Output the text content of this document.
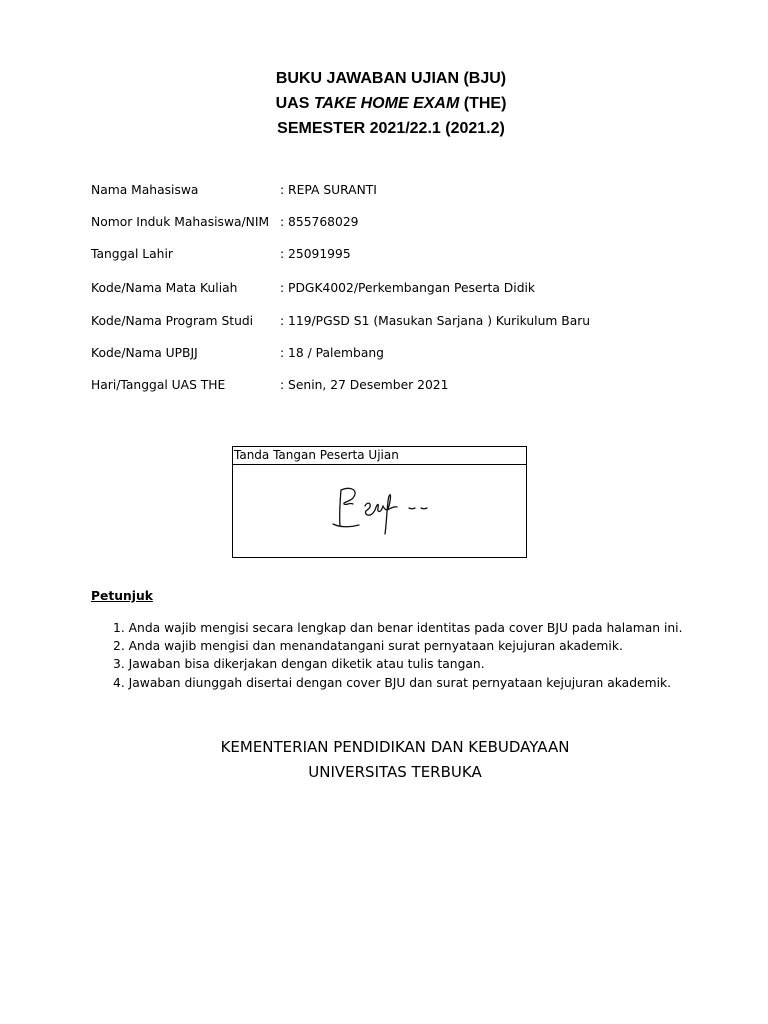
BUKU JAWABAN UJIAN (BJU)
UAS TAKE HOME EXAM (THE)
SEMESTER 2021/22.1 (2021.2)
Nama Mahasiswa	: REPA SURANTI
Nomor Induk Mahasiswa/NIM : 855768029
Tanggal Lahir	: 25091995
Kode/Nama Mata Kuliah	: PDGK4002/Perkembangan Peserta Didik
Kode/Nama Program Studi : 119/PGSD S1 (Masukan Sarjana ) Kurikulum Baru
Kode/Nama UPBJJ	: 18 / Palembang
Hari/Tanggal UAS THE	: Senin, 27 Desember 2021
Tanda Tangan Peserta Ujian
Petunjuk
1. Anda wajib mengisi secara lengkap dan benar identitas pada cover BJU pada halaman ini.
2. Anda wajib mengisi dan menandatangani surat pernyataan kejujuran akademik.
3. Jawaban bisa dikerjakan dengan diketik atau tulis tangan.
4. Jawaban diunggah disertai dengan cover BJU dan surat pernyataan kejujuran akademik.
KEMENTERIAN PENDIDIKAN DAN KEBUDAYAAN
UNIVERSITAS TERBUKA
